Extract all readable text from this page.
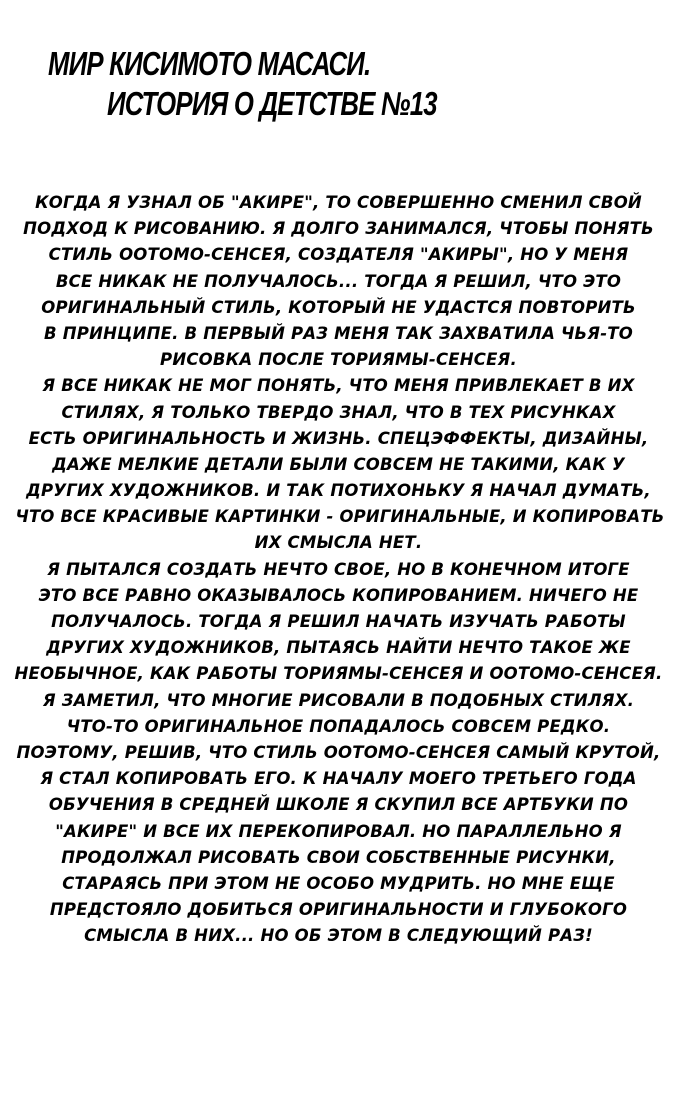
МИР КИСИМОТО МАСАСИ.
ИСТОРИЯ О ДЕТСТВЕ №13
КОГДА Я УЗНАЛ ОБ "АКИРЕ", ТО СОВЕРШЕННО СМЕНИЛ СВОЙ
ПОДХОД К РИСОВАНИЮ. Я ДОЛГО ЗАНИМАЛСЯ, ЧТОБЫ ПОНЯТЬ
СТИЛЬ ООТОМО-СЕНСЕЯ, СОЗДАТЕЛЯ "АКИРЫ", НО У МЕНЯ
ВСЕ НИКАК НЕ ПОЛУЧАЛОСЬ... ТОГДА Я РЕШИЛ, ЧТО ЭТО
ОРИГИНАЛЬНЫЙ СТИЛЬ, КОТОРЫЙ НЕ УДАСТСЯ ПОВТОРИТЬ
В ПРИНЦИПЕ. В ПЕРВЫЙ РАЗ МЕНЯ ТАК ЗАХВАТИЛА ЧЬЯ-ТО
РИСОВКА ПОСЛЕ ТОРИЯМЫ-СЕНСЕЯ.
Я ВСЕ НИКАК НЕ МОГ ПОНЯТЬ, ЧТО МЕНЯ ПРИВЛЕКАЕТ В ИХ
СТИЛЯХ, Я ТОЛЬКО ТВЕРДО ЗНАЛ, ЧТО В ТЕХ РИСУНКАХ
ЕСТЬ ОРИГИНАЛЬНОСТЬ И ЖИЗНЬ. СПЕЦЭФФЕКТЫ, ДИЗАЙНЫ,
ДАЖЕ МЕЛКИЕ ДЕТАЛИ БЫЛИ СОВСЕМ НЕ ТАКИМИ, КАК У
ДРУГИХ ХУДОЖНИКОВ. И ТАК ПОТИХОНЬКУ Я НАЧАЛ ДУМАТЬ,
ЧТО ВСЕ КРАСИВЫЕ КАРТИНКИ - ОРИГИНАЛЬНЫЕ, И КОПИРОВАТЬ
ИХ СМЫСЛА НЕТ.
Я ПЫТАЛСЯ СОЗДАТЬ НЕЧТО СВОЕ, НО В КОНЕЧНОМ ИТОГЕ
ЭТО ВСЕ РАВНО ОКАЗЫВАЛОСЬ КОПИРОВАНИЕМ. НИЧЕГО НЕ
ПОЛУЧАЛОСЬ. ТОГДА Я РЕШИЛ НАЧАТЬ ИЗУЧАТЬ РАБОТЫ
ДРУГИХ ХУДОЖНИКОВ, ПЫТАЯСЬ НАЙТИ НЕЧТО ТАКОЕ ЖЕ
НЕОБЫЧНОЕ, КАК РАБОТЫ ТОРИЯМЫ-СЕНСЕЯ И ООТОМО-СЕНСЕЯ.
Я ЗАМЕТИЛ, ЧТО МНОГИЕ РИСОВАЛИ В ПОДОБНЫХ СТИЛЯХ.
ЧТО-ТО ОРИГИНАЛЬНОЕ ПОПАДАЛОСЬ СОВСЕМ РЕДКО.
ПОЭТОМУ, РЕШИВ, ЧТО СТИЛЬ ООТОМО-СЕНСЕЯ САМЫЙ КРУТОЙ,
Я СТАЛ КОПИРОВАТЬ ЕГО. К НАЧАЛУ МОЕГО ТРЕТЬЕГО ГОДА
ОБУЧЕНИЯ В СРЕДНЕЙ ШКОЛЕ Я СКУПИЛ ВСЕ АРТБУКИ ПО
"АКИРЕ" И ВСЕ ИХ ПЕРЕКОПИРОВАЛ. НО ПАРАЛЛЕЛЬНО Я
ПРОДОЛЖАЛ РИСОВАТЬ СВОИ СОБСТВЕННЫЕ РИСУНКИ,
СТАРАЯСЬ ПРИ ЭТОМ НЕ ОСОБО МУДРИТЬ. НО МНЕ ЕЩЕ
ПРЕДСТОЯЛО ДОБИТЬСЯ ОРИГИНАЛЬНОСТИ И ГЛУБОКОГО
СМЫСЛА В НИХ... НО ОБ ЭТОМ В СЛЕДУЮЩИЙ РАЗ!
